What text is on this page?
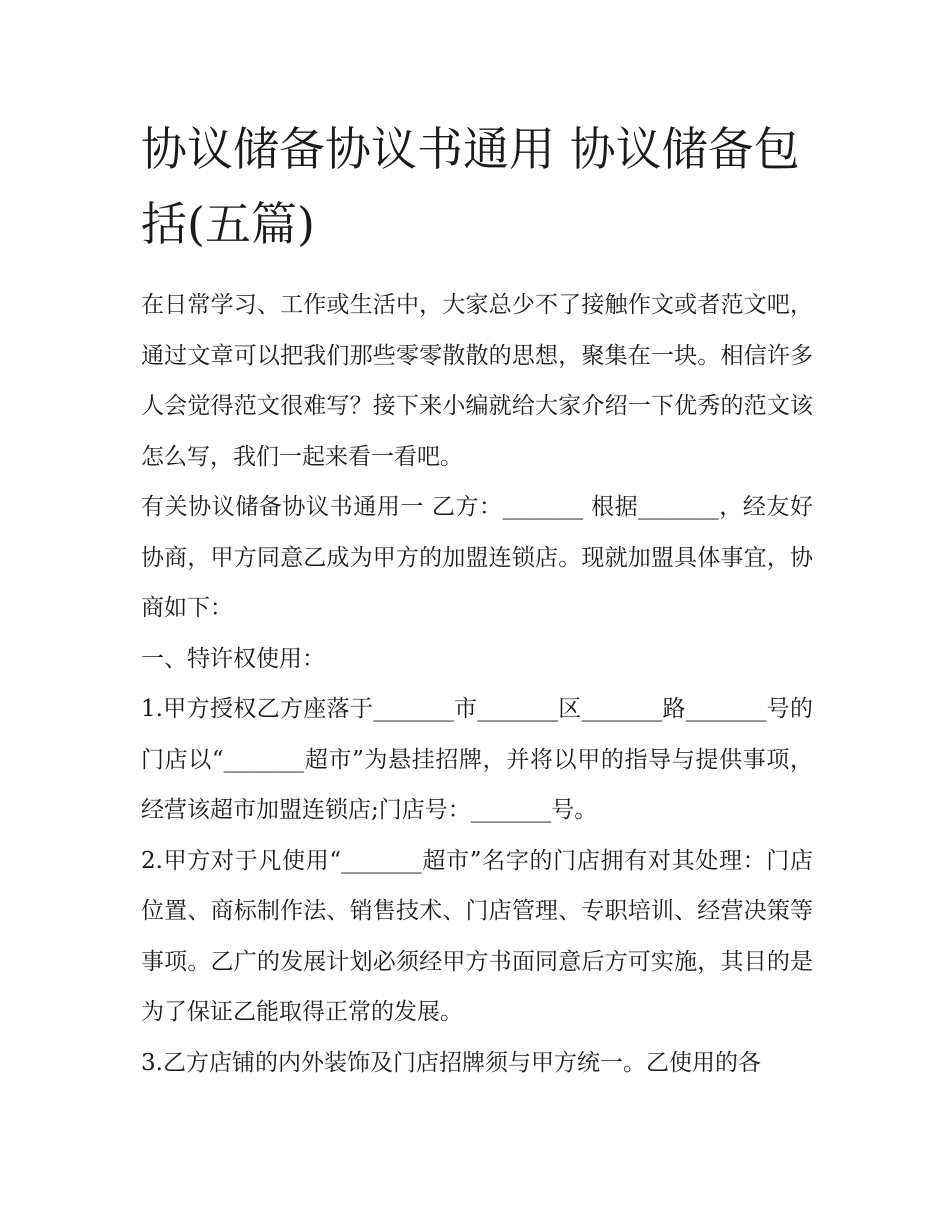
协议储备协议书通用 协议储备包括(五篇)

在日常学习、工作或生活中，大家总少不了接触作文或者范文吧，通过文章可以把我们那些零零散散的思想，聚集在一块。相信许多人会觉得范文很难写？接下来小编就给大家介绍一下优秀的范文该怎么写，我们一起来看一看吧。

有关协议储备协议书通用一 乙方：_______ 根据_______，经友好协商，甲方同意乙成为甲方的加盟连锁店。现就加盟具体事宜，协商如下：

一、特许权使用：

1.甲方授权乙方座落于_______市_______区_______路_______号的门店以“_______超市”为悬挂招牌，并将以甲的指导与提供事项，经营该超市加盟连锁店;门店号：_______号。

2.甲方对于凡使用“_______超市”名字的门店拥有对其处理：门店位置、商标制作法、销售技术、门店管理、专职培训、经营决策等事项。乙广的发展计划必须经甲方书面同意后方可实施，其目的是为了保证乙能取得正常的发展。

3.乙方店铺的内外装饰及门店招牌须与甲方统一。乙使用的各
